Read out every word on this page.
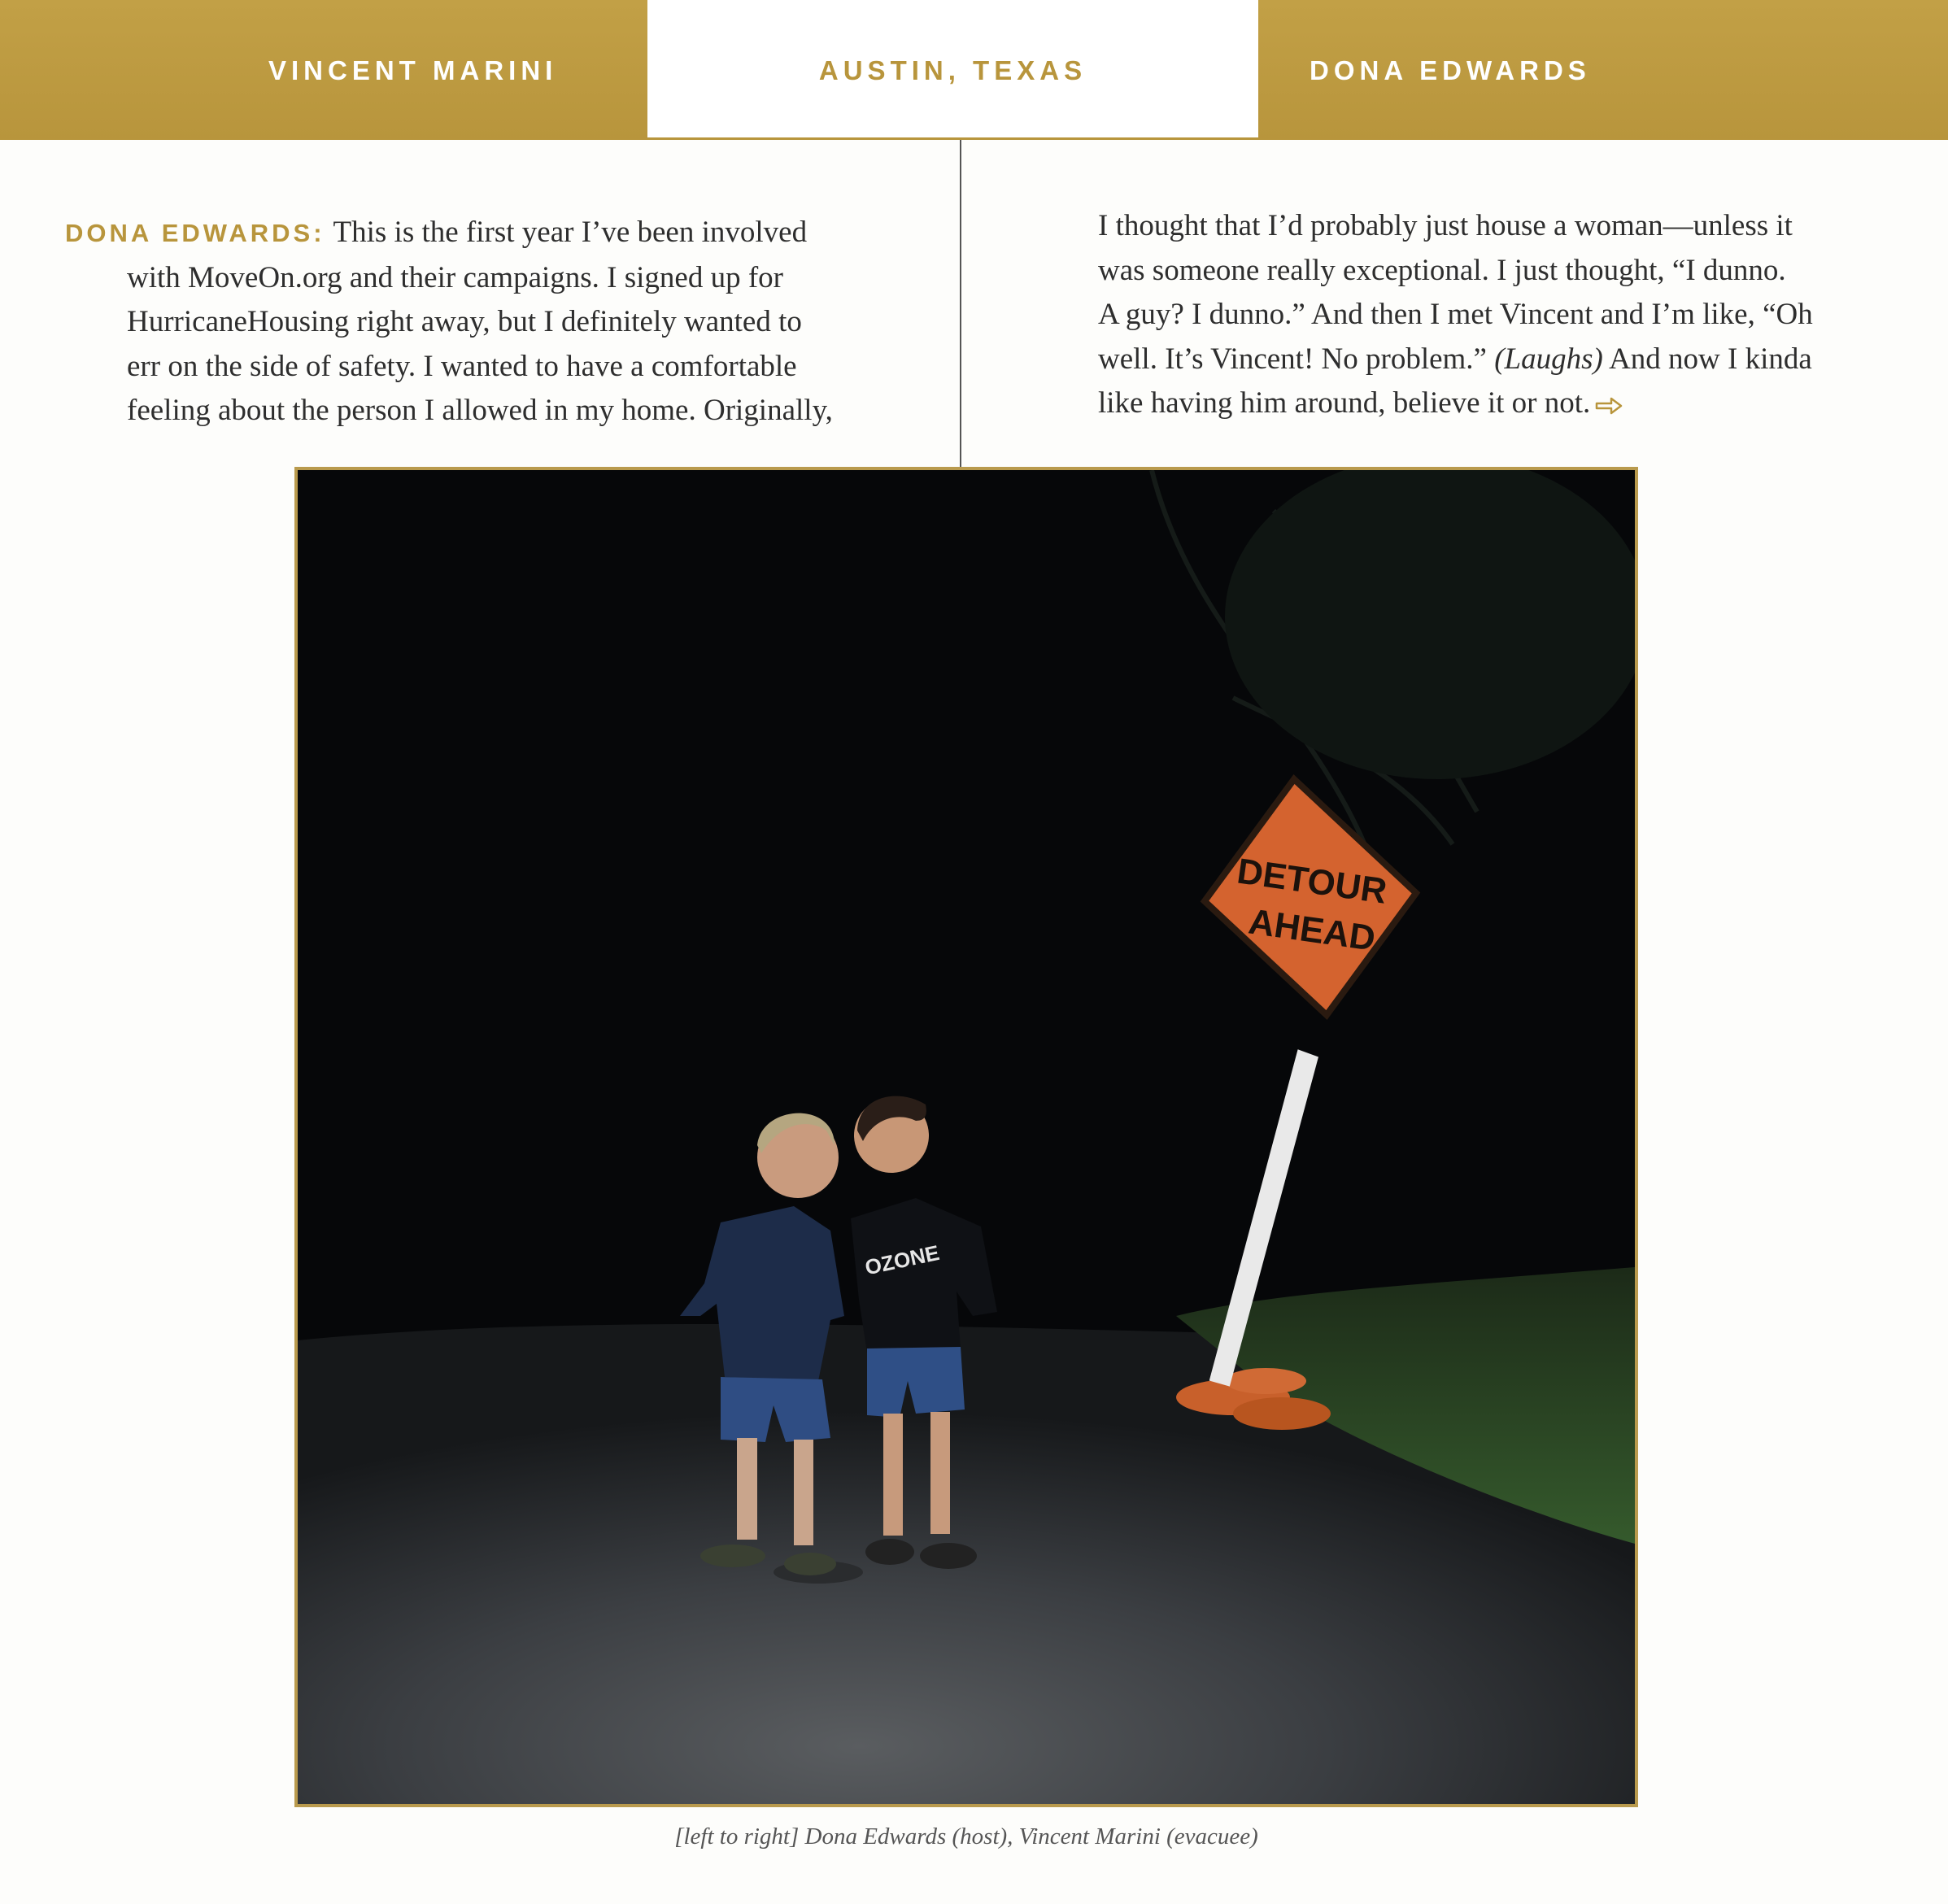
VINCENT MARINI	AUSTIN, TEXAS	DONA EDWARDS
DONA EDWARDS: This is the first year I’ve been involved
with MoveOn.org and their campaigns. I signed up for
HurricaneHousing right away, but I definitely wanted to
err on the side of safety. I wanted to have a comfortable
feeling about the person I allowed in my home. Originally,
I thought that I’d probably just house a woman—unless it
was someone really exceptional. I just thought, “I dunno.
A guy? I dunno.” And then I met Vincent and I’m like, “Oh
well. It’s Vincent! No problem.” (Laughs) And now I kinda
like having him around, believe it or not.
DETOUR
AHEAD
OZONE
[left to right] Dona Edwards (host), Vincent Marini (evacuee)
